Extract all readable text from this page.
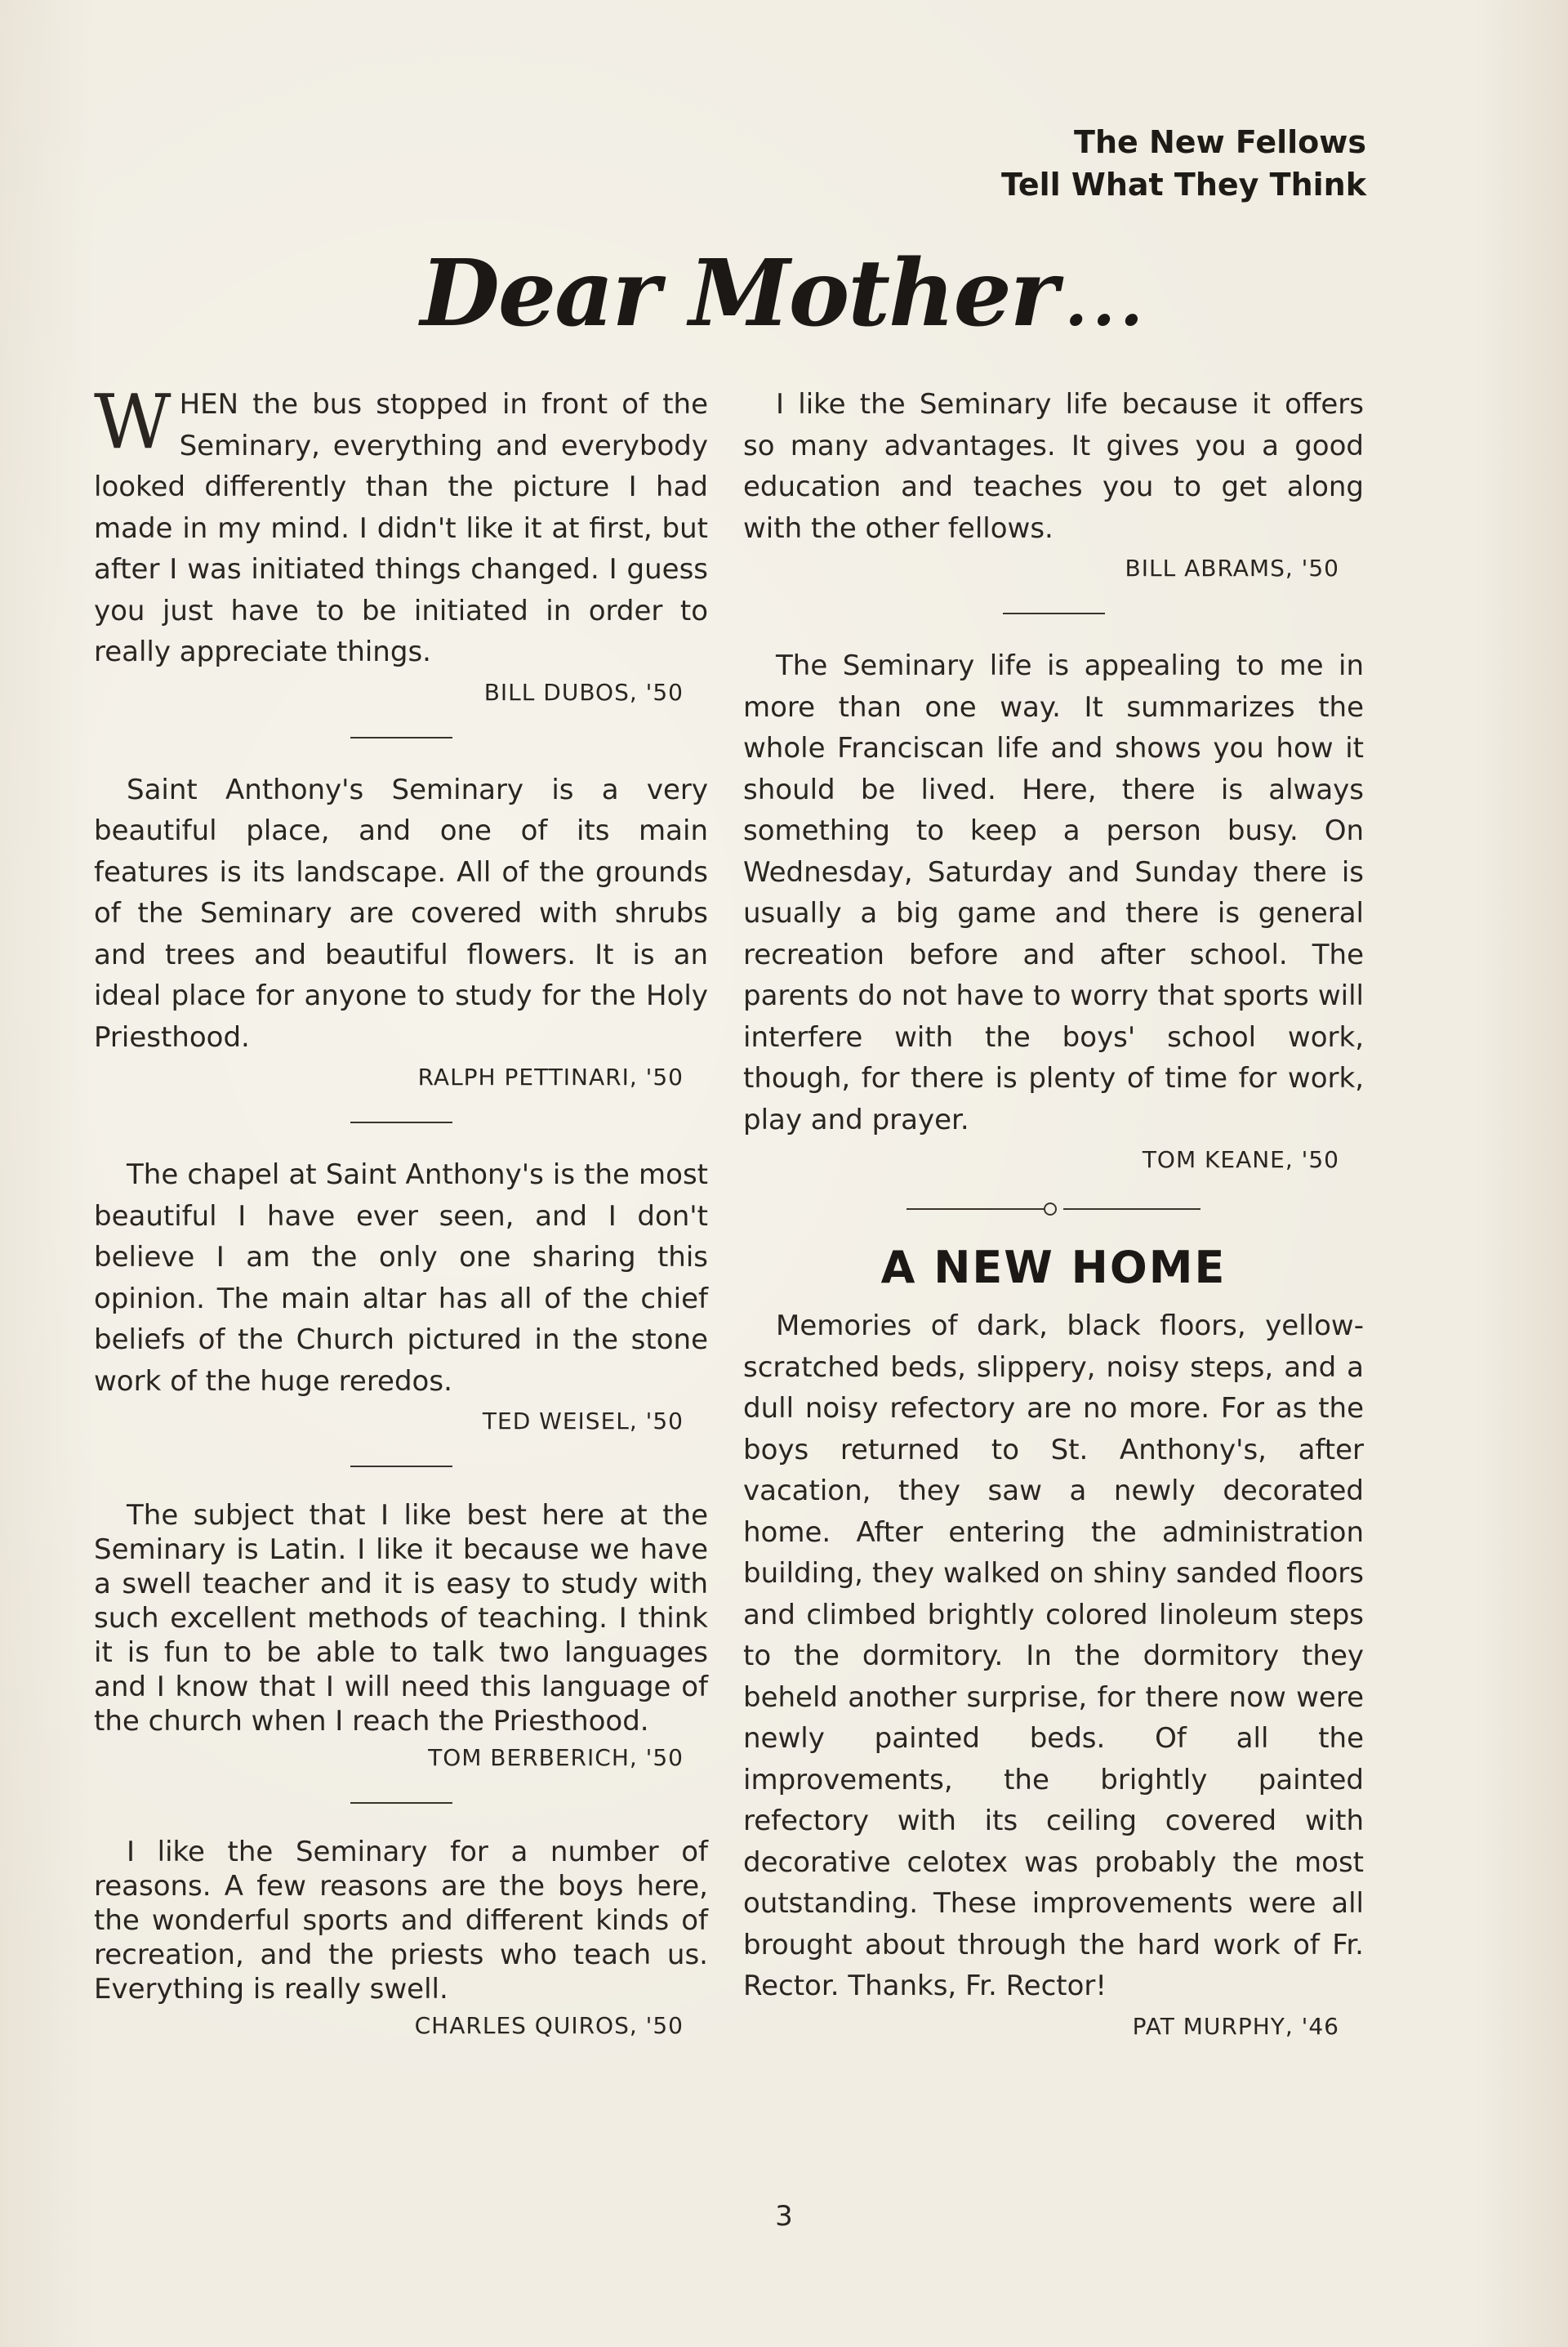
The New Fellows
Tell What They Think
Dear Mother ...

WHEN the bus stopped in front of the Seminary, everything and everybody looked differently than the picture I had made in my mind. I didn't like it at first, but after I was initiated things changed. I guess you just have to be initiated in order to really appreciate things.

BILL DUBOS, '50

Saint Anthony's Seminary is a very beautiful place, and one of its main features is its landscape. All of the grounds of the Seminary are covered with shrubs and trees and beautiful flowers. It is an ideal place for anyone to study for the Holy Priesthood.

RALPH PETTINARI, '50

The chapel at Saint Anthony's is the most beautiful I have ever seen, and I don't believe I am the only one sharing this opinion. The main altar has all of the chief beliefs of the Church pictured in the stone work of the huge reredos.

TED WEISEL, '50

The subject that I like best here at the Seminary is Latin. I like it because we have a swell teacher and it is easy to study with such excellent methods of teaching. I think it is fun to be able to talk two languages and I know that I will need this language of the church when I reach the Priesthood.

TOM BERBERICH, '50

I like the Seminary for a number of reasons. A few reasons are the boys here, the wonderful sports and different kinds of recreation, and the priests who teach us. Everything is really swell.

CHARLES QUIROS, '50

I like the Seminary life because it offers so many advantages. It gives you a good education and teaches you to get along with the other fellows.

BILL ABRAMS, '50

The Seminary life is appealing to me in more than one way. It summarizes the whole Franciscan life and shows you how it should be lived. Here, there is always something to keep a person busy. On Wednesday, Saturday and Sunday there is usually a big game and there is general recreation before and after school. The parents do not have to worry that sports will interfere with the boys' school work, though, for there is plenty of time for work, play and prayer.

TOM KEANE, '50

A NEW HOME

Memories of dark, black floors, yellow-scratched beds, slippery, noisy steps, and a dull noisy refectory are no more. For as the boys returned to St. Anthony's, after vacation, they saw a newly decorated home. After entering the administration building, they walked on shiny sanded floors and climbed brightly colored linoleum steps to the dormitory. In the dormitory they beheld another surprise, for there now were newly painted beds. Of all the improvements, the brightly painted refectory with its ceiling covered with decorative celotex was probably the most outstanding. These improvements were all brought about through the hard work of Fr. Rector. Thanks, Fr. Rector!

PAT MURPHY, '46

3
